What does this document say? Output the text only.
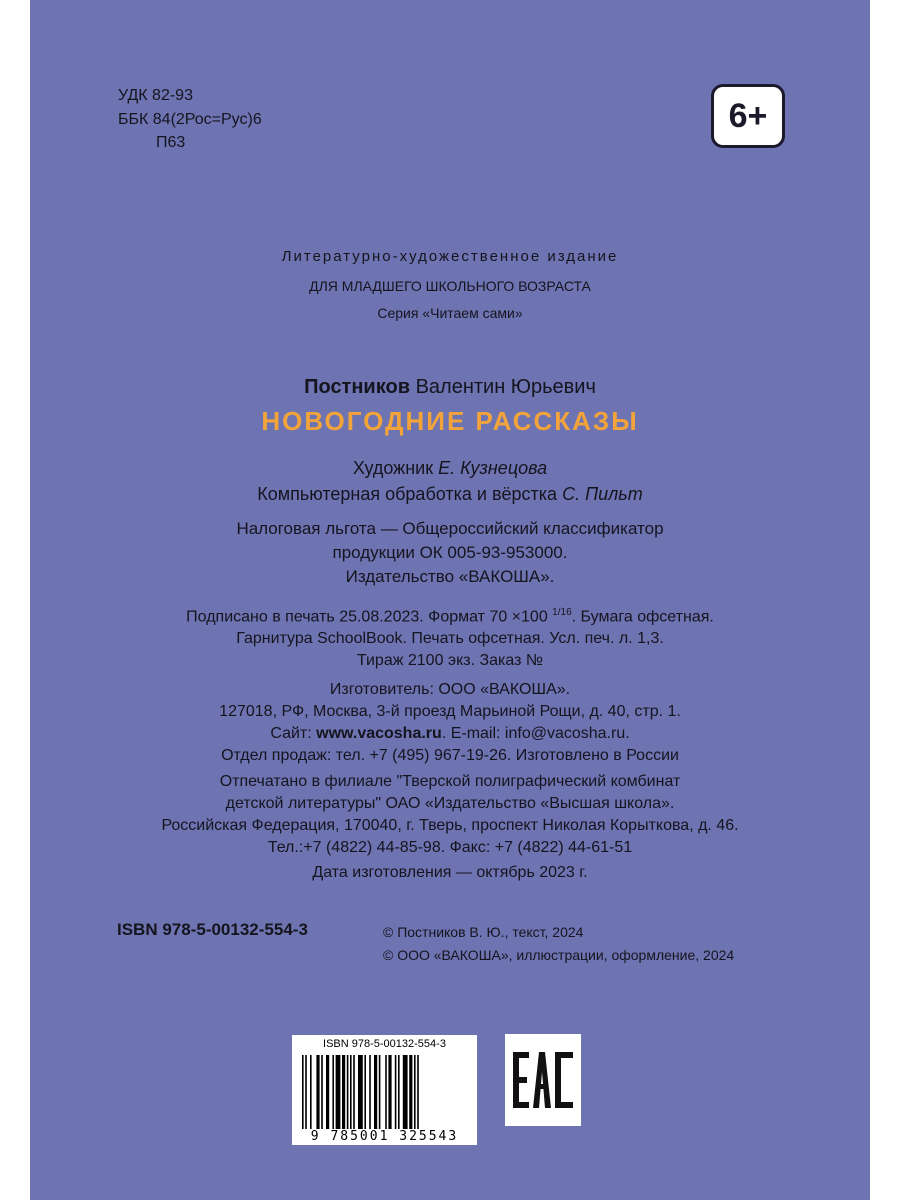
УДК 82-93
ББК 84(2Рос=Рус)6
П63
6+
Литературно-художественное издание
ДЛЯ МЛАДШЕГО ШКОЛЬНОГО ВОЗРАСТА
Серия «Читаем сами»
Постников Валентин Юрьевич
НОВОГОДНИЕ РАССКАЗЫ
Художник Е. Кузнецова
Компьютерная обработка и вёрстка С. Пильт
Налоговая льгота — Общероссийский классификатор
продукции ОК 005-93-953000.
Издательство «ВАКОША».
Подписано в печать 25.08.2023. Формат 70 ×100 $^{1/16}$. Бумага офсетная.
Гарнитура SchoolBook. Печать офсетная. Усл. печ. л. 1,3.
Тираж 2100 экз. Заказ №
Изготовитель: ООО «ВАКОША».
127018, РФ, Москва, 3-й проезд Марьиной Рощи, д. 40, стр. 1.
Сайт: www.vacosha.ru. E-mail: info@vacosha.ru.
Отдел продаж: тел. +7 (495) 967-19-26. Изготовлено в России
Отпечатано в филиале "Тверской полиграфический комбинат
детской литературы" ОАО «Издательство «Высшая школа».
Российская Федерация, 170040, г. Тверь, проспект Николая Корыткова, д. 46.
Тел.:+7 (4822) 44-85-98. Факс: +7 (4822) 44-61-51
Дата изготовления — октябрь 2023 г.
ISBN 978-5-00132-554-3	© Постников В. Ю., текст, 2024
© ООО «ВАКОША», иллюстрации, оформление, 2024
ISBN 978-5-00132-554-3
9 785001 325543
